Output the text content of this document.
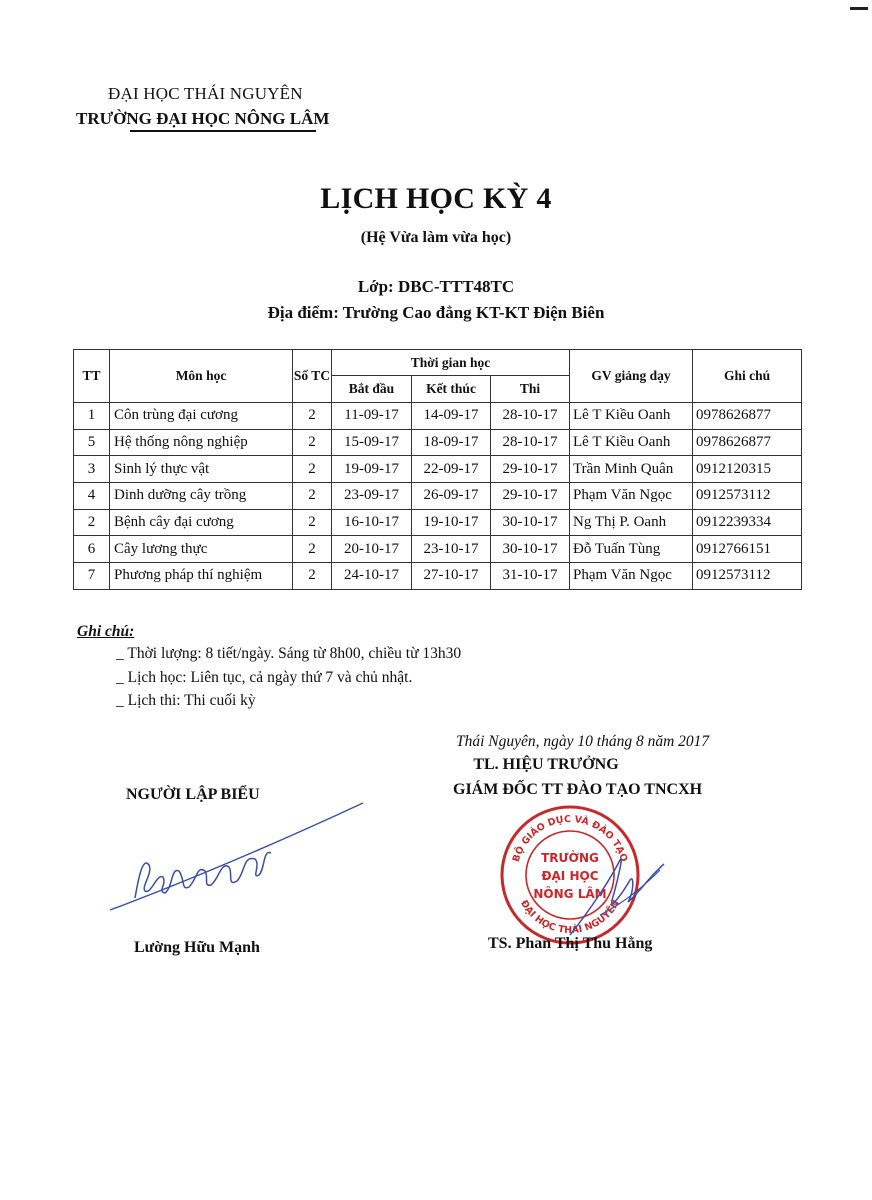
ĐẠI HỌC THÁI NGUYÊN
TRƯỜNG ĐẠI HỌC NÔNG LÂM
LỊCH HỌC KỲ 4
(Hệ Vừa làm vừa học)
Lớp: DBC-TTT48TC
Địa điểm: Trường Cao đẳng KT-KT Điện Biên
TT	Môn học	Số TC	Thời gian học			GV giảng dạy	Ghi chú
			Bắt đầu	Kết thúc	Thi		
1	Côn trùng đại cương	2	11-09-17	14-09-17	28-10-17	Lê T Kiều Oanh	0978626877
5	Hệ thống nông nghiệp	2	15-09-17	18-09-17	28-10-17	Lê T Kiều Oanh	0978626877
3	Sinh lý thực vật	2	19-09-17	22-09-17	29-10-17	Trần Minh Quân	0912120315
4	Dinh dưỡng cây trồng	2	23-09-17	26-09-17	29-10-17	Phạm Văn Ngọc	0912573112
2	Bệnh cây đại cương	2	16-10-17	19-10-17	30-10-17	Ng Thị P. Oanh	0912239334
6	Cây lương thực	2	20-10-17	23-10-17	30-10-17	Đỗ Tuấn Tùng	0912766151
7	Phương pháp thí nghiệm	2	24-10-17	27-10-17	31-10-17	Phạm Văn Ngọc	0912573112
Ghi chú:
_ Thời lượng: 8 tiết/ngày. Sáng từ 8h00, chiều từ 13h30
_ Lịch học: Liên tục, cả ngày thứ 7 và chủ nhật.
_ Lịch thi: Thi cuối kỳ
Thái Nguyên, ngày 10 tháng 8 năm 2017
TL. HIỆU TRƯỞNG
GIÁM ĐỐC TT ĐÀO TẠO TNCXH
NGƯỜI LẬP BIỂU
BỘ GIÁO DỤC VÀ ĐÀO TẠO
ĐẠI HỌC THÁI NGUYÊN
TRƯỜNG
ĐẠI HỌC
NÔNG LÂM
Lường Hữu Mạnh	TS. Phan Thị Thu Hằng
